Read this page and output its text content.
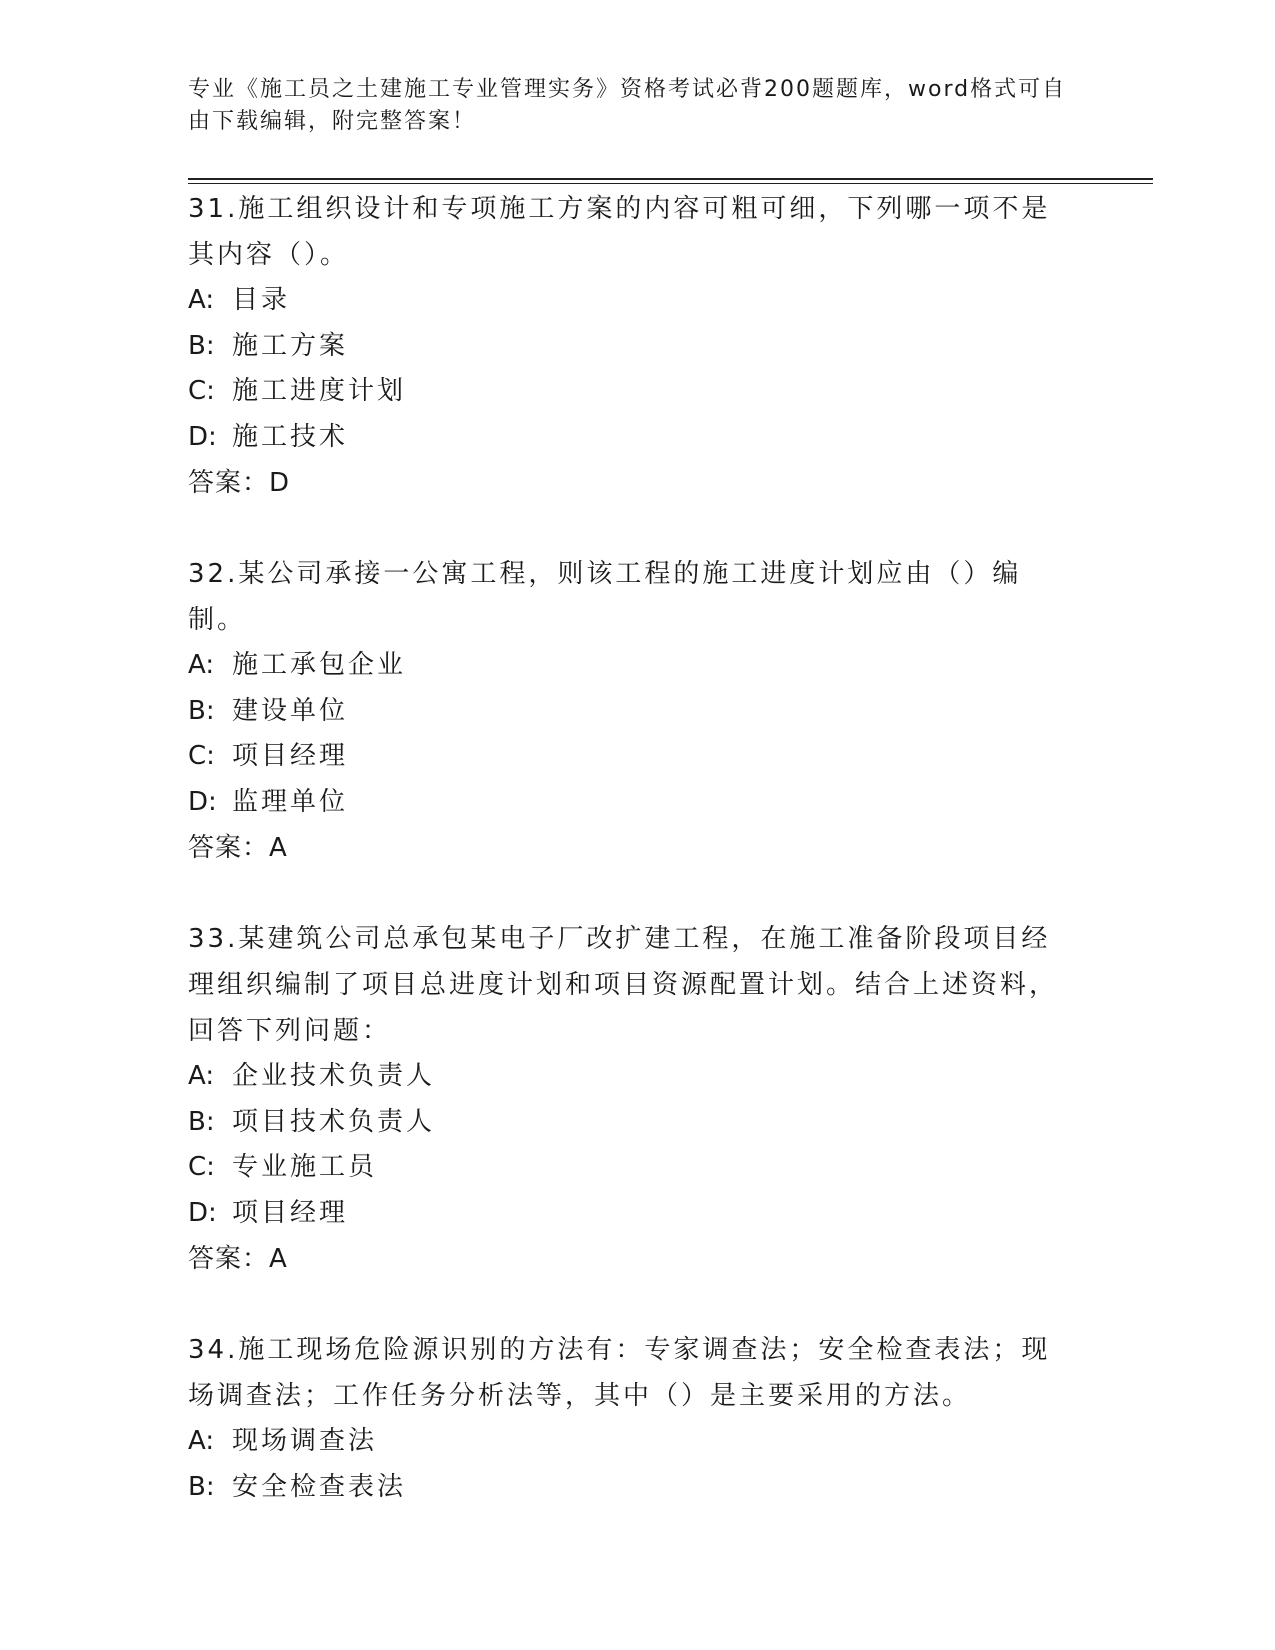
专业《施工员之土建施工专业管理实务》资格考试必背200题题库，word格式可自由下载编辑，附完整答案！

31.施工组织设计和专项施工方案的内容可粗可细，下列哪一项不是其内容（）。

A: 目录

B: 施工方案

C: 施工进度计划

D: 施工技术

答案：D

32.某公司承接一公寓工程，则该工程的施工进度计划应由（）编制。

A: 施工承包企业

B: 建设单位

C: 项目经理

D: 监理单位

答案：A

33.某建筑公司总承包某电子厂改扩建工程，在施工准备阶段项目经理组织编制了项目总进度计划和项目资源配置计划。结合上述资料，回答下列问题：

A: 企业技术负责人

B: 项目技术负责人

C: 专业施工员

D: 项目经理

答案：A

34.施工现场危险源识别的方法有：专家调查法；安全检查表法；现场调查法；工作任务分析法等，其中（）是主要采用的方法。

A: 现场调查法

B: 安全检查表法
